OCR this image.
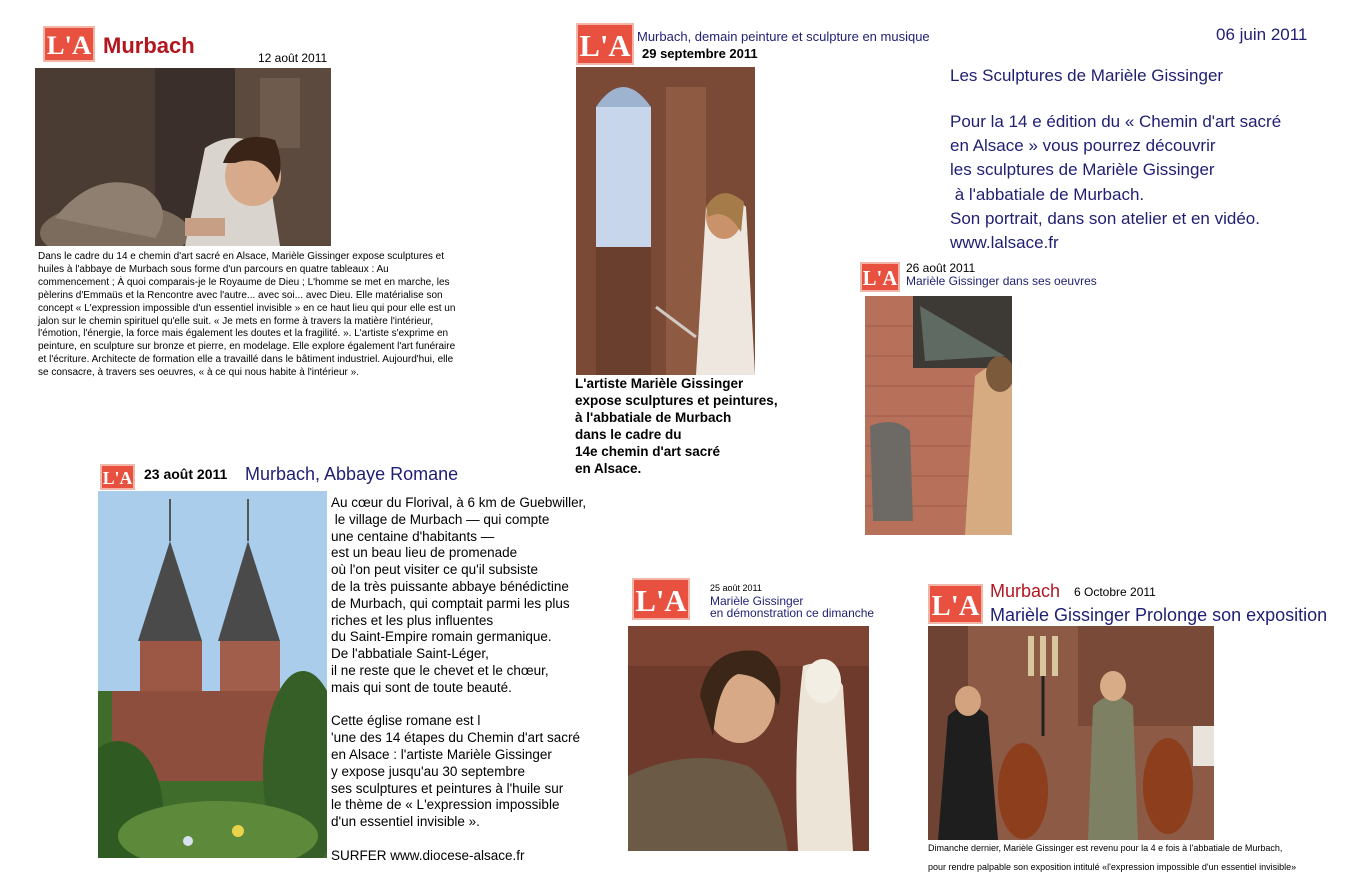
L'A Murbach	12 août 2011
Dans le cadre du 14 e chemin d'art sacré en Alsace, Marièle Gissinger expose sculptures et huiles à l'abbaye de Murbach sous forme d'un parcours en quatre tableaux : Au commencement ; À quoi comparais-je le Royaume de Dieu ; L'homme se met en marche, les pèlerins d'Emmaüs et la Rencontre avec l'autre... avec soi... avec Dieu. Elle matérialise son concept « L'expression impossible d'un essentiel invisible » en ce haut lieu qui pour elle est un jalon sur le chemin spirituel qu'elle suit. « Je mets en forme à travers la matière l'intérieur, l'émotion, l'énergie, la force mais également les doutes et la fragilité. ». L'artiste s'exprime en peinture, en sculpture sur bronze et pierre, en modelage. Elle explore également l'art funéraire et l'écriture. Architecte de formation elle a travaillé dans le bâtiment industriel. Aujourd'hui, elle se consacre, à travers ses oeuvres, « à ce qui nous habite à l'intérieur ».
L'A Murbach, demain peinture et sculpture en musique
29 septembre 2011
L'artiste Marièle Gissinger
expose sculptures et peintures,
à l'abbatiale de Murbach
dans le cadre du
14e chemin d'art sacré
en Alsace.
06 juin 2011
Les Sculptures de Marièle Gissinger
Pour la 14 e édition du « Chemin d'art sacré
en Alsace » vous pourrez découvrir
les sculptures de Marièle Gissinger
à l'abbatiale de Murbach.
Son portrait, dans son atelier et en vidéo.
www.lalsace.fr
L'A 26 août 2011
Marièle Gissinger dans ses oeuvres
L'A 23 août 2011 Murbach, Abbaye Romane
Au cœur du Florival, à 6 km de Guebwiller,
le village de Murbach — qui compte
une centaine d'habitants —
est un beau lieu de promenade
où l'on peut visiter ce qu'il subsiste
de la très puissante abbaye bénédictine
de Murbach, qui comptait parmi les plus
riches et les plus influentes
du Saint-Empire romain germanique.
De l'abbatiale Saint-Léger,
il ne reste que le chevet et le chœur,
mais qui sont de toute beauté.

Cette église romane est l
'une des 14 étapes du Chemin d'art sacré
en Alsace : l'artiste Marièle Gissinger
y expose jusqu'au 30 septembre
ses sculptures et peintures à l'huile sur
le thème de « L'expression impossible
d'un essentiel invisible ».

SURFER www.diocese-alsace.fr
L'A	25 août 2011
Marièle Gissinger
en démonstration ce dimanche L'A Murbach 6 Octobre 2011
Marièle Gissinger Prolonge son exposition
Dimanche dernier, Marièle Gissinger est revenu pour la 4 e fois à l'abbatiale de Murbach,
pour rendre palpable son exposition intitulé «l'expression impossible d'un essentiel invisible»
